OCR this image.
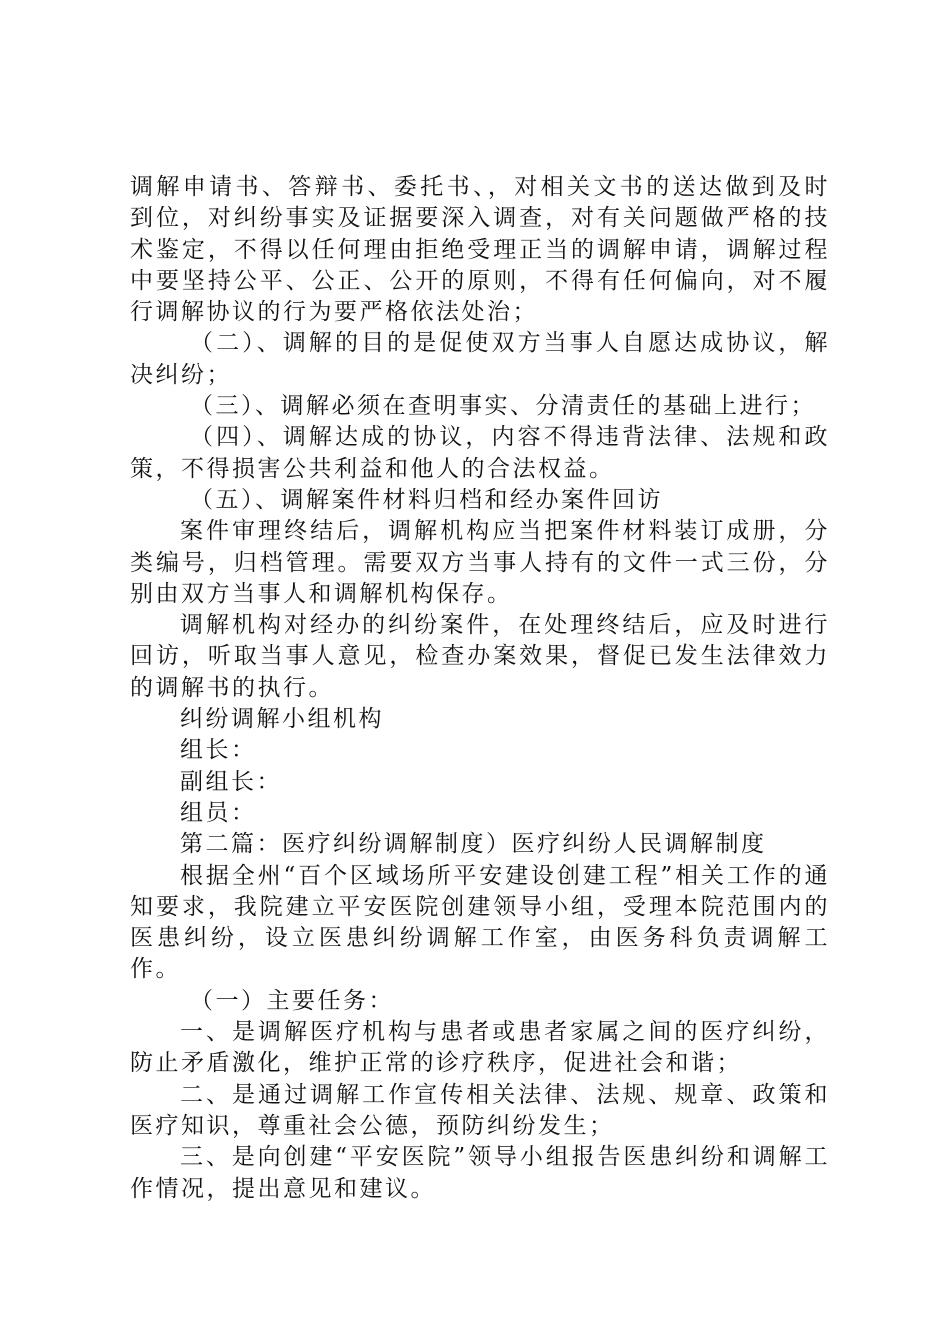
调解申请书、答辩书、委托书、，对相关文书的送达做到及时到位，对纠纷事实及证据要深入调查，对有关问题做严格的技术鉴定，不得以任何理由拒绝受理正当的调解申请，调解过程中要坚持公平、公正、公开的原则，不得有任何偏向，对不履行调解协议的行为要严格依法处治；

（二）、调解的目的是促使双方当事人自愿达成协议，解决纠纷；

（三）、调解必须在查明事实、分清责任的基础上进行；

（四）、调解达成的协议，内容不得违背法律、法规和政策，不得损害公共利益和他人的合法权益。

（五）、调解案件材料归档和经办案件回访

案件审理终结后，调解机构应当把案件材料装订成册，分类编号，归档管理。需要双方当事人持有的文件一式三份，分别由双方当事人和调解机构保存。

调解机构对经办的纠纷案件，在处理终结后，应及时进行回访，听取当事人意见，检查办案效果，督促已发生法律效力的调解书的执行。

纠纷调解小组机构

组长：

副组长：

组员：

第二篇：医疗纠纷调解制度）医疗纠纷人民调解制度

根据全州“百个区域场所平安建设创建工程”相关工作的通知要求，我院建立平安医院创建领导小组，受理本院范围内的医患纠纷，设立医患纠纷调解工作室，由医务科负责调解工作。

（一）主要任务：

一、是调解医疗机构与患者或患者家属之间的医疗纠纷，防止矛盾激化，维护正常的诊疗秩序，促进社会和谐；

二、是通过调解工作宣传相关法律、法规、规章、政策和医疗知识，尊重社会公德，预防纠纷发生；

三、是向创建“平安医院”领导小组报告医患纠纷和调解工作情况，提出意见和建议。
